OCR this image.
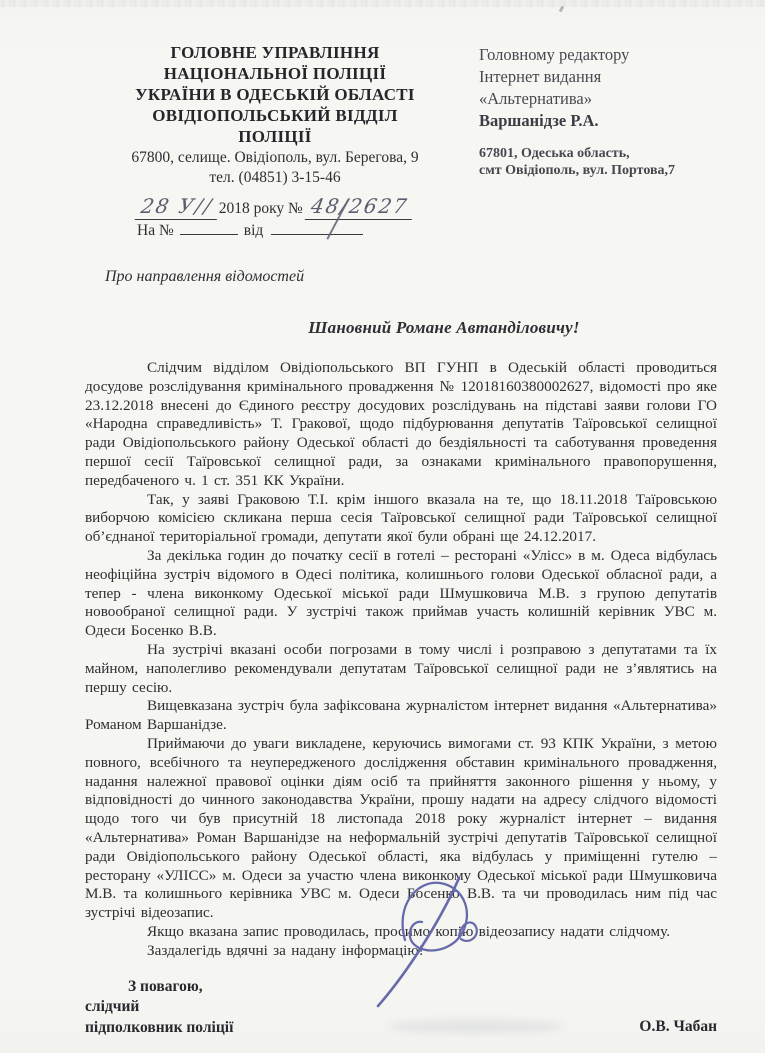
ГОЛОВНЕ УПРАВЛІННЯ
НАЦІОНАЛЬНОЇ ПОЛІЦІЇ
УКРАЇНИ В ОДЕСЬКІЙ ОБЛАСТІ
ОВІДІОПОЛЬСЬКИЙ ВІДДІЛ
ПОЛІЦІЇ
67800, селище. Овідіополь, вул. Берегова, 9
тел. (04851) 3-15-46
28 У// 2018 року № 48/2627
На №	від
Головному редактору
Інтернет видання
«Альтернатива»
Варшанідзе Р.А.
67801, Одеська область,
смт Овідіополь, вул. Портова,7
Про направлення відомостей
Шановний Романе Автанділовичу!

Слідчим відділом Овідіопольського ВП ГУНП в Одеській області проводиться досудове розслідування кримінального провадження № 12018160380002627, відомості про яке 23.12.2018 внесені до Єдиного реєстру досудових розслідувань на підставі заяви голови ГО «Народна справедливість» Т. Гракової, щодо підбурювання депутатів Таїровської селищної ради Овідіопольського району Одеської області до бездіяльності та саботування проведення першої сесії Таїровської селищної ради, за ознаками кримінального правопорушення, передбаченого ч. 1 ст. 351 КК України.

Так, у заяві Граковою Т.І. крім іншого вказала на те, що 18.11.2018 Таїровською виборчою комісією скликана перша сесія Таїровської селищної ради Таїровської селищної об’єднаної територіальної громади, депутати якої були обрані ще 24.12.2017.

За декілька годин до початку сесії в готелі – ресторані «Улісс» в м. Одеса відбулась неофіційна зустріч відомого в Одесі політика, колишнього голови Одеської обласної ради, а тепер - члена виконкому Одеської міської ради Шмушковича М.В. з групою депутатів новообраної селищної ради. У зустрічі також приймав участь колишній керівник УВС м. Одеси Босенко В.В.

На зустрічі вказані особи погрозами в тому числі і розправою з депутатами та їх майном, наполегливо рекомендували депутатам Таїровської селищної ради не з’являтись на першу сесію.

Вищевказана зустріч була зафіксована журналістом інтернет видання «Альтернатива» Романом Варшанідзе.

Приймаючи до уваги викладене, керуючись вимогами ст. 93 КПК України, з метою повного, всебічного та неупередженого дослідження обставин кримінального провадження, надання належної правової оцінки діям осіб та прийняття законного рішення у ньому, у відповідності до чинного законодавства України, прошу надати на адресу слідчого відомості щодо того чи був присутній 18 листопада 2018 року журналіст інтернет – видання «Альтернатива» Роман Варшанідзе на неформальній зустрічі депутатів Таїровської селищної ради Овідіопольського району Одеської області, яка відбулась у приміщенні гутелю – ресторану «УЛІСС» м. Одеси за участю члена виконкому Одеської міської ради Шмушковича М.В. та колишнього керівника УВС м. Одеси Босенко В.В. та чи проводилась ним під час зустрічі відеозапис.

Якщо вказана запис проводилась, просимо копію відеозапису надати слідчому.

Заздалегідь вдячні за надану інформацію!

З повагою,
слідчий
підполковник поліції	О.В. Чабан
